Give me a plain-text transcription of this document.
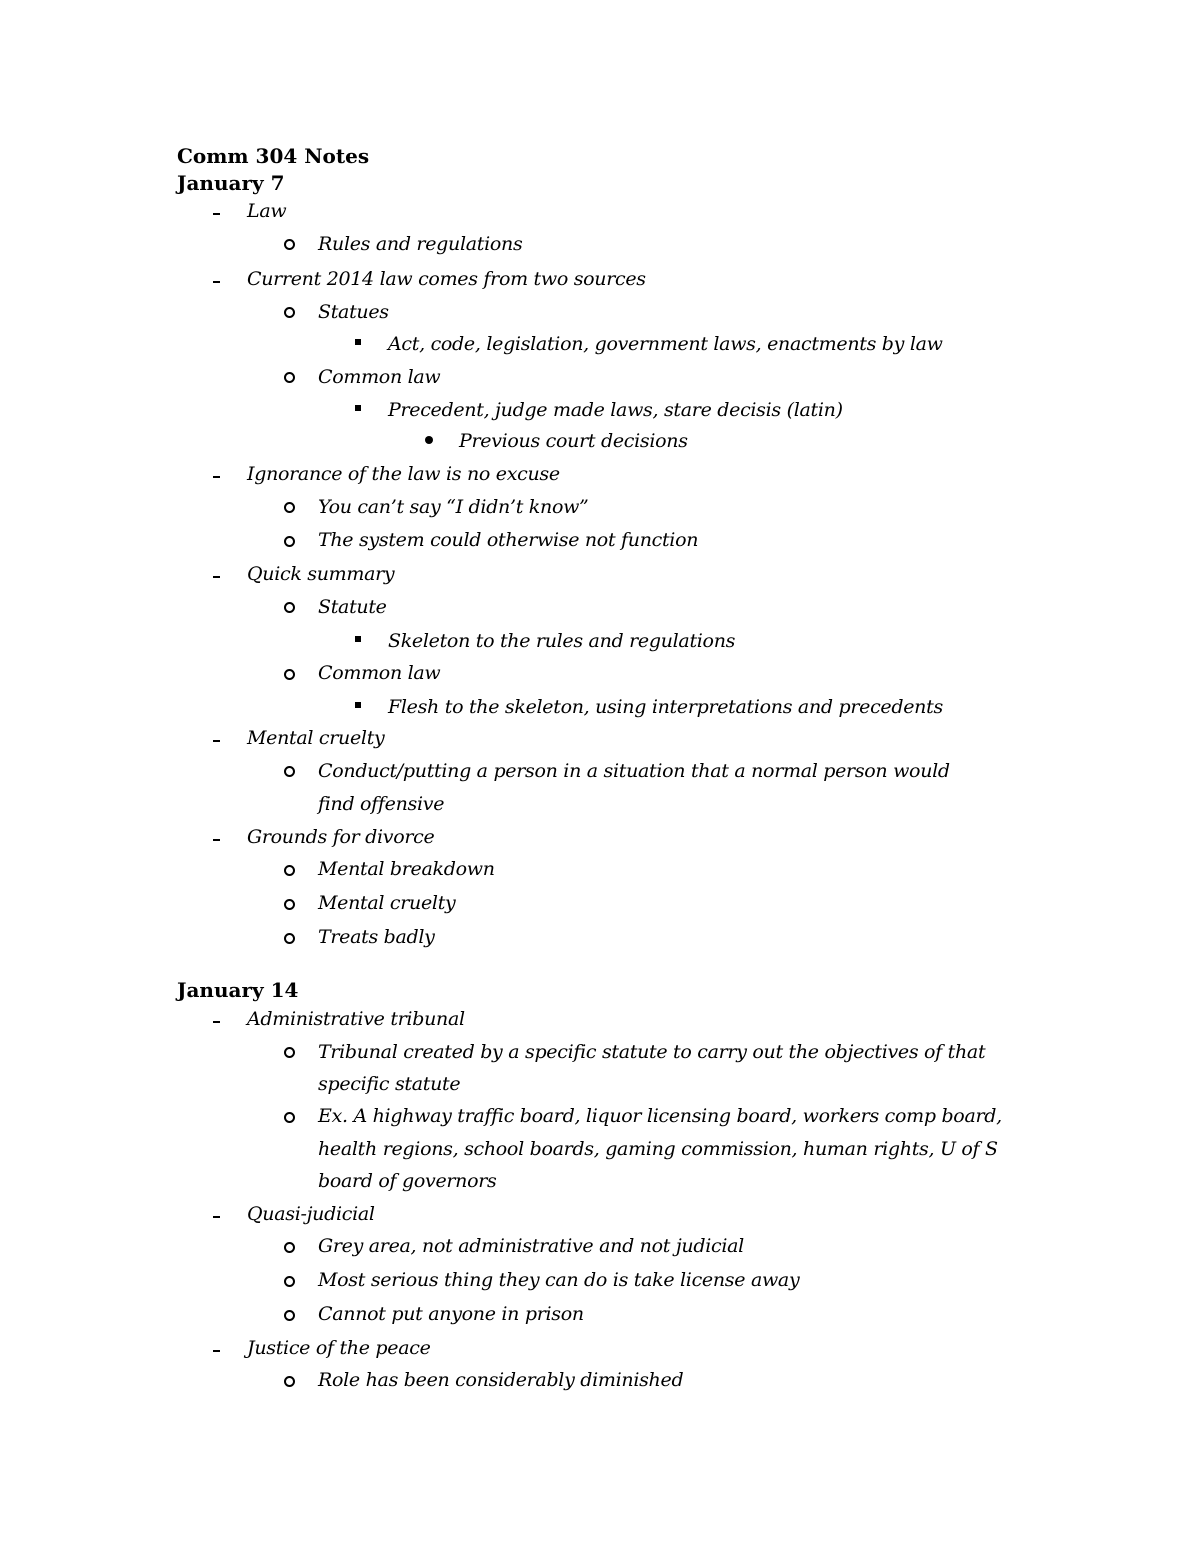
Comm 304 Notes
January 7
Law
Rules and regulations
Current 2014 law comes from two sources
Statues
Act, code, legislation, government laws, enactments by law
Common law
Precedent, judge made laws, stare decisis (latin)
Previous court decisions
Ignorance of the law is no excuse
You can’t say “I didn’t know”
The system could otherwise not function
Quick summary
Statute
Skeleton to the rules and regulations
Common law
Flesh to the skeleton, using interpretations and precedents
Mental cruelty
Conduct/putting a person in a situation that a normal person would
find offensive
Grounds for divorce
Mental breakdown
Mental cruelty
Treats badly
January 14
Administrative tribunal
Tribunal created by a specific statute to carry out the objectives of that
specific statute
Ex. A highway traffic board, liquor licensing board, workers comp board,
health regions, school boards, gaming commission, human rights, U of S
board of governors
Quasi-judicial
Grey area, not administrative and not judicial
Most serious thing they can do is take license away
Cannot put anyone in prison
Justice of the peace
Role has been considerably diminished
